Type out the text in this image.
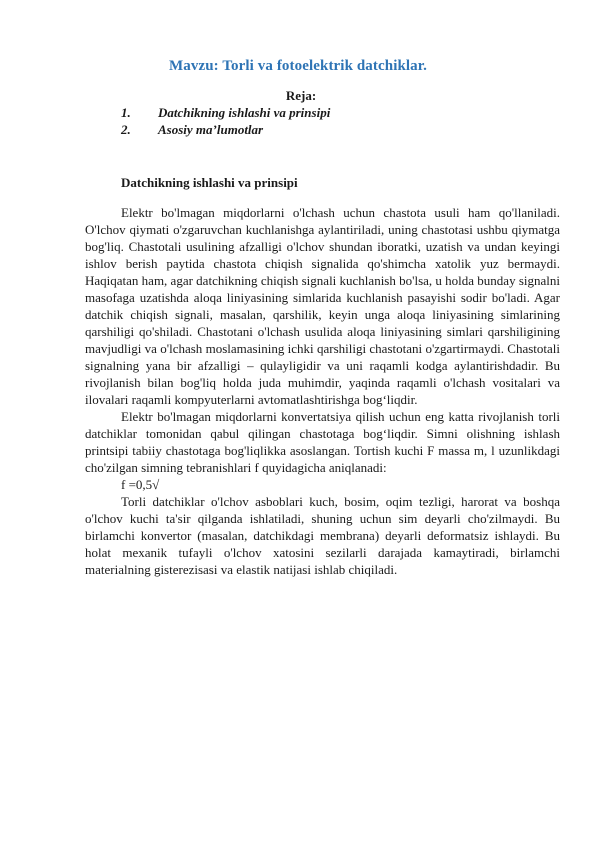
Mavzu: Torli va fotoelektrik datchiklar.
Reja:
1. Datchikning ishlashi va prinsipi
2. Asosiy ma’lumotlar
Datchikning ishlashi va prinsipi

Elektr bo'lmagan miqdorlarni o'lchash uchun chastota usuli ham qo'llaniladi. O'lchov qiymati o'zgaruvchan kuchlanishga aylantiriladi, uning chastotasi ushbu qiymatga bog'liq. Chastotali usulining afzalligi o'lchov shundan iboratki, uzatish va undan keyingi ishlov berish paytida chastota chiqish signalida qo'shimcha xatolik yuz bermaydi. Haqiqatan ham, agar datchikning chiqish signali kuchlanish bo'lsa, u holda bunday signalni masofaga uzatishda aloqa liniyasining simlarida kuchlanish pasayishi sodir bo'ladi. Agar datchik chiqish signali, masalan, qarshilik, keyin unga aloqa liniyasining simlarining qarshiligi qo'shiladi. Chastotani o'lchash usulida aloqa liniyasining simlari qarshiligining mavjudligi va o'lchash moslamasining ichki qarshiligi chastotani o'zgartirmaydi. Chastotali signalning yana bir afzalligi – qulayligidir va uni raqamli kodga aylantirishdadir. Bu rivojlanish bilan bog'liq holda juda muhimdir, yaqinda raqamli o'lchash vositalari va ilovalari raqamli kompyuterlarni avtomatlashtirishga bog‘liqdir.

Elektr bo'lmagan miqdorlarni konvertatsiya qilish uchun eng katta rivojlanish torli datchiklar tomonidan qabul qilingan chastotaga bog‘liqdir. Simni olishning ishlash printsipi tabiiy chastotaga bog'liqlikka asoslangan. Tortish kuchi F massa m, l uzunlikdagi cho'zilgan simning tebranishlari f quyidagicha aniqlanadi:

f =0,5√

Torli datchiklar o'lchov asboblari kuch, bosim, oqim tezligi, harorat va boshqa o'lchov kuchi ta'sir qilganda ishlatiladi, shuning uchun sim deyarli cho'zilmaydi. Bu birlamchi konvertor (masalan, datchikdagi membrana) deyarli deformatsiz ishlaydi. Bu holat mexanik tufayli o'lchov xatosini sezilarli darajada kamaytiradi, birlamchi materialning gisterezisasi va elastik natijasi ishlab chiqiladi.
